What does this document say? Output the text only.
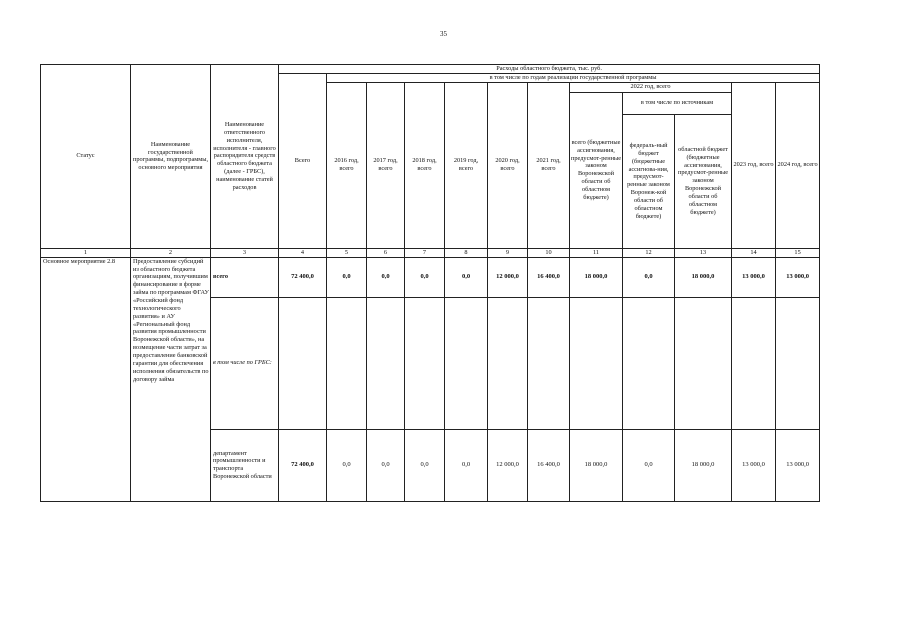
35
Статус	Наименование государственной программы, подпрограммы, основного мероприятия	Наименование ответственного исполнителя, исполнителя - главного распорядителя средств областного бюджета (далее - ГРБС), наименование статей расходов	Расходы областного бюджета, тыс. руб.											
			Всего	в том числе по годам реализации государственной программы										
				2016 год, всего	2017 год, всего	2018 год, всего	2019 год, всего	2020 год, всего	2021 год, всего	2022 год, всего			2023 год, всего	2024 год, всего
										всего (бюджетные ассигнования, предусмот-ренные законом Воронежской области об областном бюджете)	в том числе по источникам			
											федераль-ный бюджет (бюджетные ассигнова-ния, предусмот-ренные законом Воронеж-кой области об областном бюджете)	областной бюджет (бюджетные ассигнования, предусмот-ренные законом Воронежской области об областном бюджете)		
1	2	3	4	5	6	7	8	9	10	11	12	13	14	15
Основное мероприятие 2.8	Предоставление субсидий из областного бюджета организациям, получившим финансирование в форме займа по программам ФГАУ «Российский фонд технологического развития» и АУ «Региональный фонд развития промышленности Воронежской области», на возмещение части затрат за предоставление банковской гарантии для обеспечения исполнения обязательств по договору займа	всего	72 400,0	0,0	0,0	0,0	0,0	12 000,0	16 400,0	18 000,0	0,0	18 000,0	13 000,0	13 000,0
		в том числе по ГРБС:												
		департамент промышленности и транспорта Воронежской области	72 400,0	0,0	0,0	0,0	0,0	12 000,0	16 400,0	18 000,0	0,0	18 000,0	13 000,0	13 000,0
